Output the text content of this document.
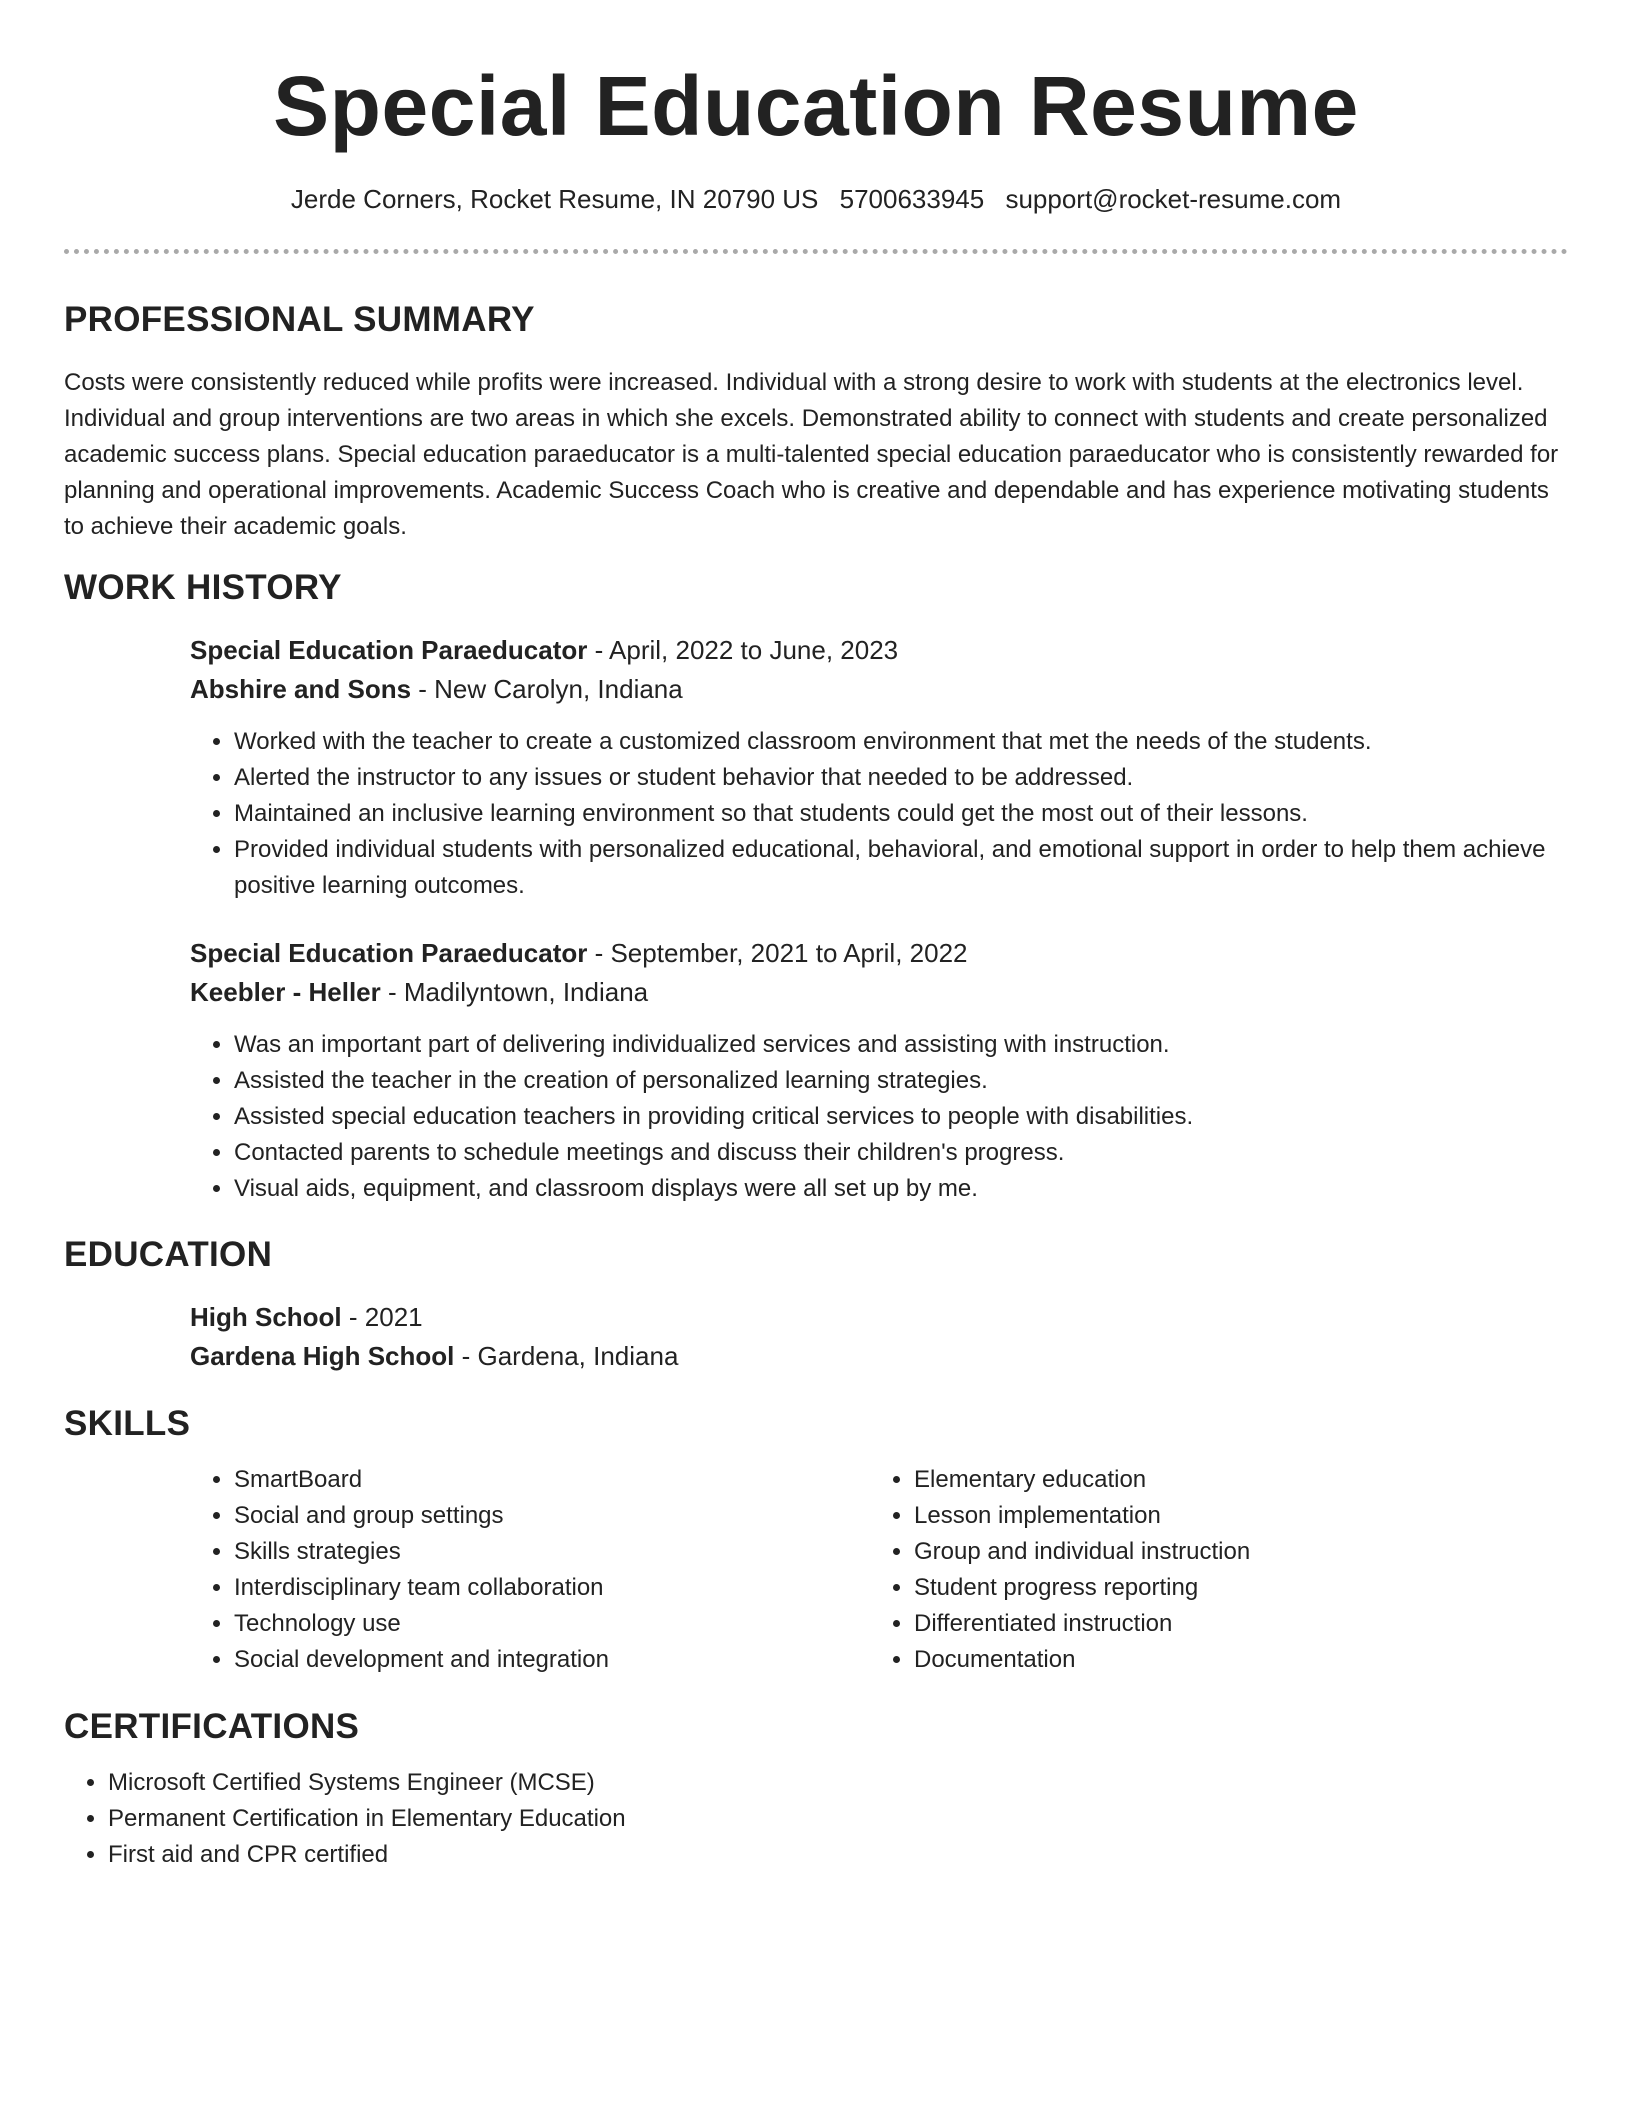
Special Education Resume
Jerde Corners, Rocket Resume, IN 20790 US 5700633945 support@rocket-resume.com
PROFESSIONAL SUMMARY

Costs were consistently reduced while profits were increased. Individual with a strong desire to work with students at the electronics level. Individual and group interventions are two areas in which she excels. Demonstrated ability to connect with students and create personalized academic success plans. Special education paraeducator is a multi-talented special education paraeducator who is consistently rewarded for planning and operational improvements. Academic Success Coach who is creative and dependable and has experience motivating students to achieve their academic goals.

WORK HISTORY
Special Education Paraeducator - April, 2022 to June, 2023
Abshire and Sons - New Carolyn, Indiana
• Worked with the teacher to create a customized classroom environment that met the needs of the students.
• Alerted the instructor to any issues or student behavior that needed to be addressed.
• Maintained an inclusive learning environment so that students could get the most out of their lessons.
• Provided individual students with personalized educational, behavioral, and emotional support in order to help them achieve positive learning outcomes.
Special Education Paraeducator - September, 2021 to April, 2022
Keebler - Heller - Madilyntown, Indiana
• Was an important part of delivering individualized services and assisting with instruction.
• Assisted the teacher in the creation of personalized learning strategies.
• Assisted special education teachers in providing critical services to people with disabilities.
• Contacted parents to schedule meetings and discuss their children's progress.
• Visual aids, equipment, and classroom displays were all set up by me.
EDUCATION
High School - 2021
Gardena High School - Gardena, Indiana
SKILLS
• SmartBoard
• Social and group settings
• Skills strategies
• Interdisciplinary team collaboration
• Technology use
• Social development and integration
• Elementary education
• Lesson implementation
• Group and individual instruction
• Student progress reporting
• Differentiated instruction
• Documentation
CERTIFICATIONS
• Microsoft Certified Systems Engineer (MCSE)
• Permanent Certification in Elementary Education
• First aid and CPR certified
